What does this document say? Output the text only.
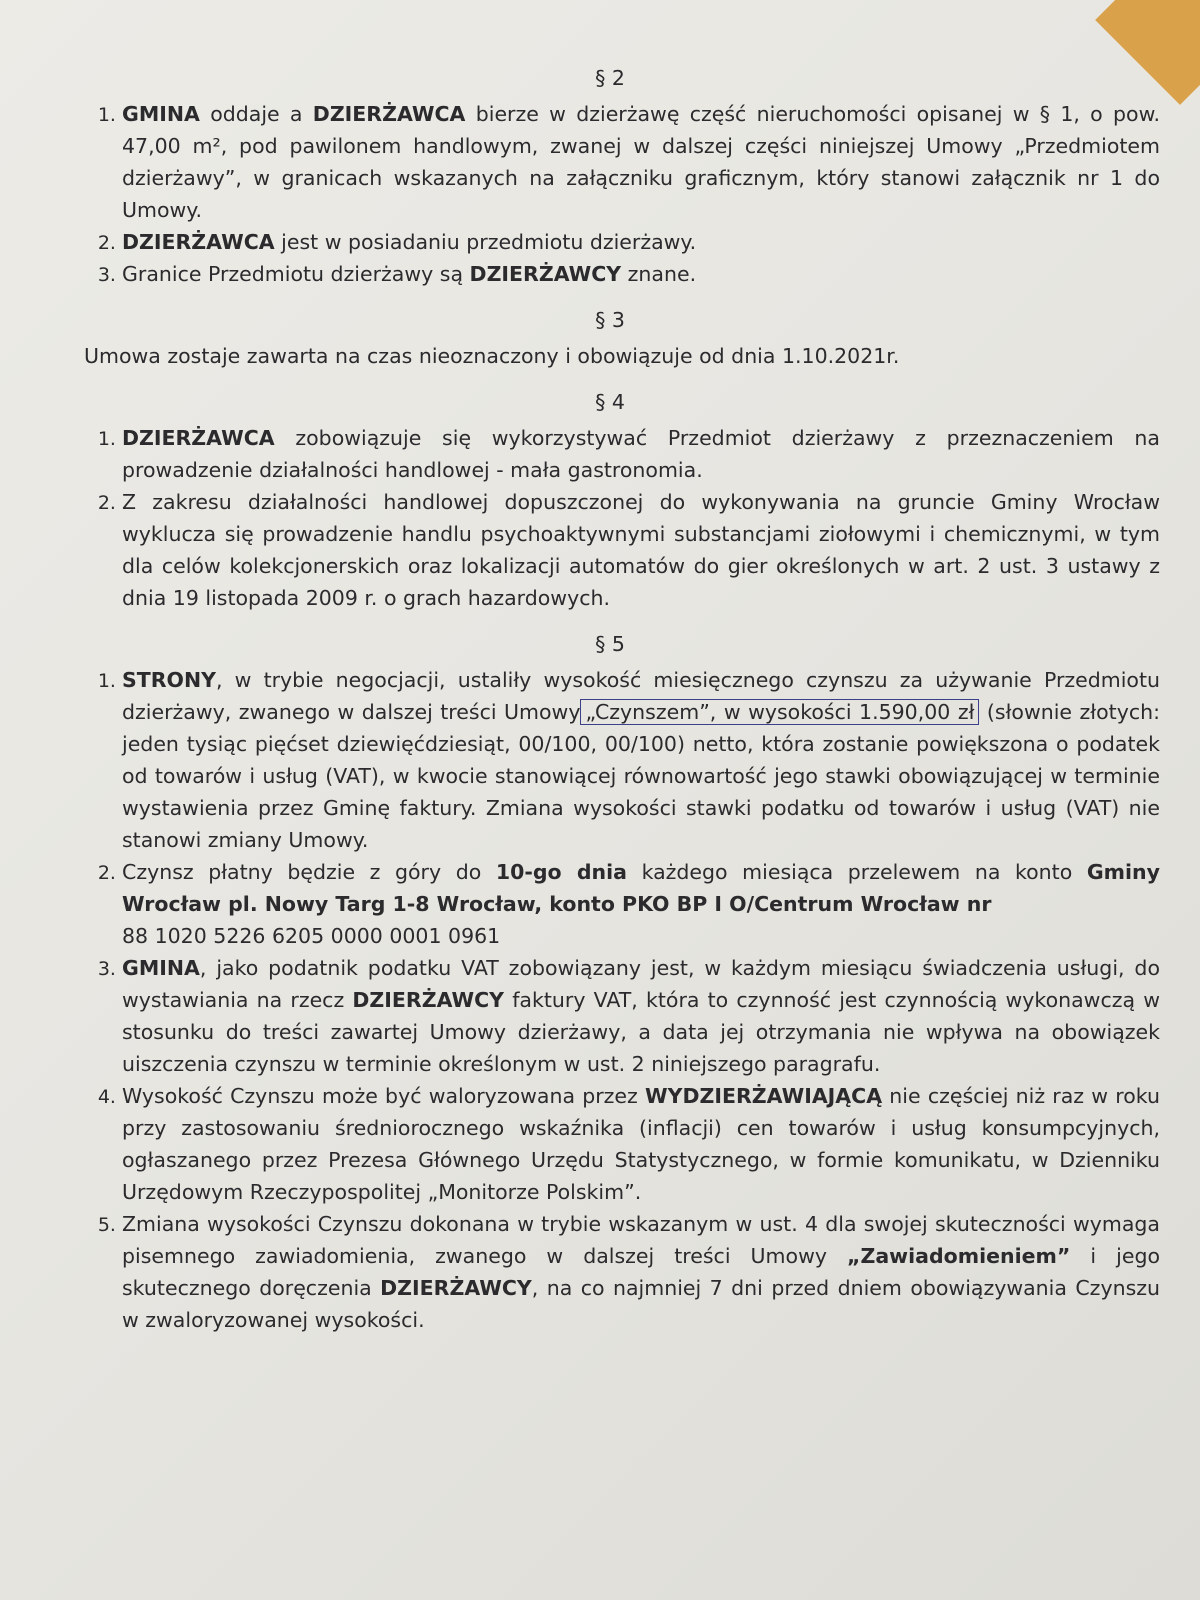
§ 2
1. GMINA oddaje a DZIERŻAWCA bierze w dzierżawę część nieruchomości opisanej w § 1, o pow. 47,00 m², pod pawilonem handlowym, zwanej w dalszej części niniejszej Umowy „Przedmiotem dzierżawy”, w granicach wskazanych na załączniku graficznym, który stanowi załącznik nr 1 do Umowy.
2. DZIERŻAWCA jest w posiadaniu przedmiotu dzierżawy.
3. Granice Przedmiotu dzierżawy są DZIERŻAWCY znane.
§ 3

Umowa zostaje zawarta na czas nieoznaczony i obowiązuje od dnia 1.10.2021r.

§ 4
1. DZIERŻAWCA zobowiązuje się wykorzystywać Przedmiot dzierżawy z przeznaczeniem na prowadzenie działalności handlowej - mała gastronomia.
2. Z zakresu działalności handlowej dopuszczonej do wykonywania na gruncie Gminy Wrocław wyklucza się prowadzenie handlu psychoaktywnymi substancjami ziołowymi i chemicznymi, w tym dla celów kolekcjonerskich oraz lokalizacji automatów do gier określonych w art. 2 ust. 3 ustawy z dnia 19 listopada 2009 r. o grach hazardowych.
§ 5
1. STRONY, w trybie negocjacji, ustaliły wysokość miesięcznego czynszu za używanie Przedmiotu dzierżawy, zwanego w dalszej treści Umowy „Czynszem”, w wysokości 1.590,00 zł (słownie złotych: jeden tysiąc pięćset dziewięćdziesiąt, 00/100, 00/100) netto, która zostanie powiększona o podatek od towarów i usług (VAT), w kwocie stanowiącej równowartość jego stawki obowiązującej w terminie wystawienia przez Gminę faktury. Zmiana wysokości stawki podatku od towarów i usług (VAT) nie stanowi zmiany Umowy.
2. Czynsz płatny będzie z góry do 10-go dnia każdego miesiąca przelewem na konto Gminy Wrocław pl. Nowy Targ 1-8 Wrocław, konto PKO BP I O/Centrum Wrocław nr
88 1020 5226 6205 0000 0001 0961
3. GMINA, jako podatnik podatku VAT zobowiązany jest, w każdym miesiącu świadczenia usługi, do wystawiania na rzecz DZIERŻAWCY faktury VAT, która to czynność jest czynnością wykonawczą w stosunku do treści zawartej Umowy dzierżawy, a data jej otrzymania nie wpływa na obowiązek uiszczenia czynszu w terminie określonym w ust. 2 niniejszego paragrafu.
4. Wysokość Czynszu może być waloryzowana przez WYDZIERŻAWIAJĄCĄ nie częściej niż raz w roku przy zastosowaniu średniorocznego wskaźnika (inflacji) cen towarów i usług konsumpcyjnych, ogłaszanego przez Prezesa Głównego Urzędu Statystycznego, w formie komunikatu, w Dzienniku Urzędowym Rzeczypospolitej „Monitorze Polskim”.
5. Zmiana wysokości Czynszu dokonana w trybie wskazanym w ust. 4 dla swojej skuteczności wymaga pisemnego zawiadomienia, zwanego w dalszej treści Umowy „Zawiadomieniem” i jego skutecznego doręczenia DZIERŻAWCY, na co najmniej 7 dni przed dniem obowiązywania Czynszu w zwaloryzowanej wysokości.
